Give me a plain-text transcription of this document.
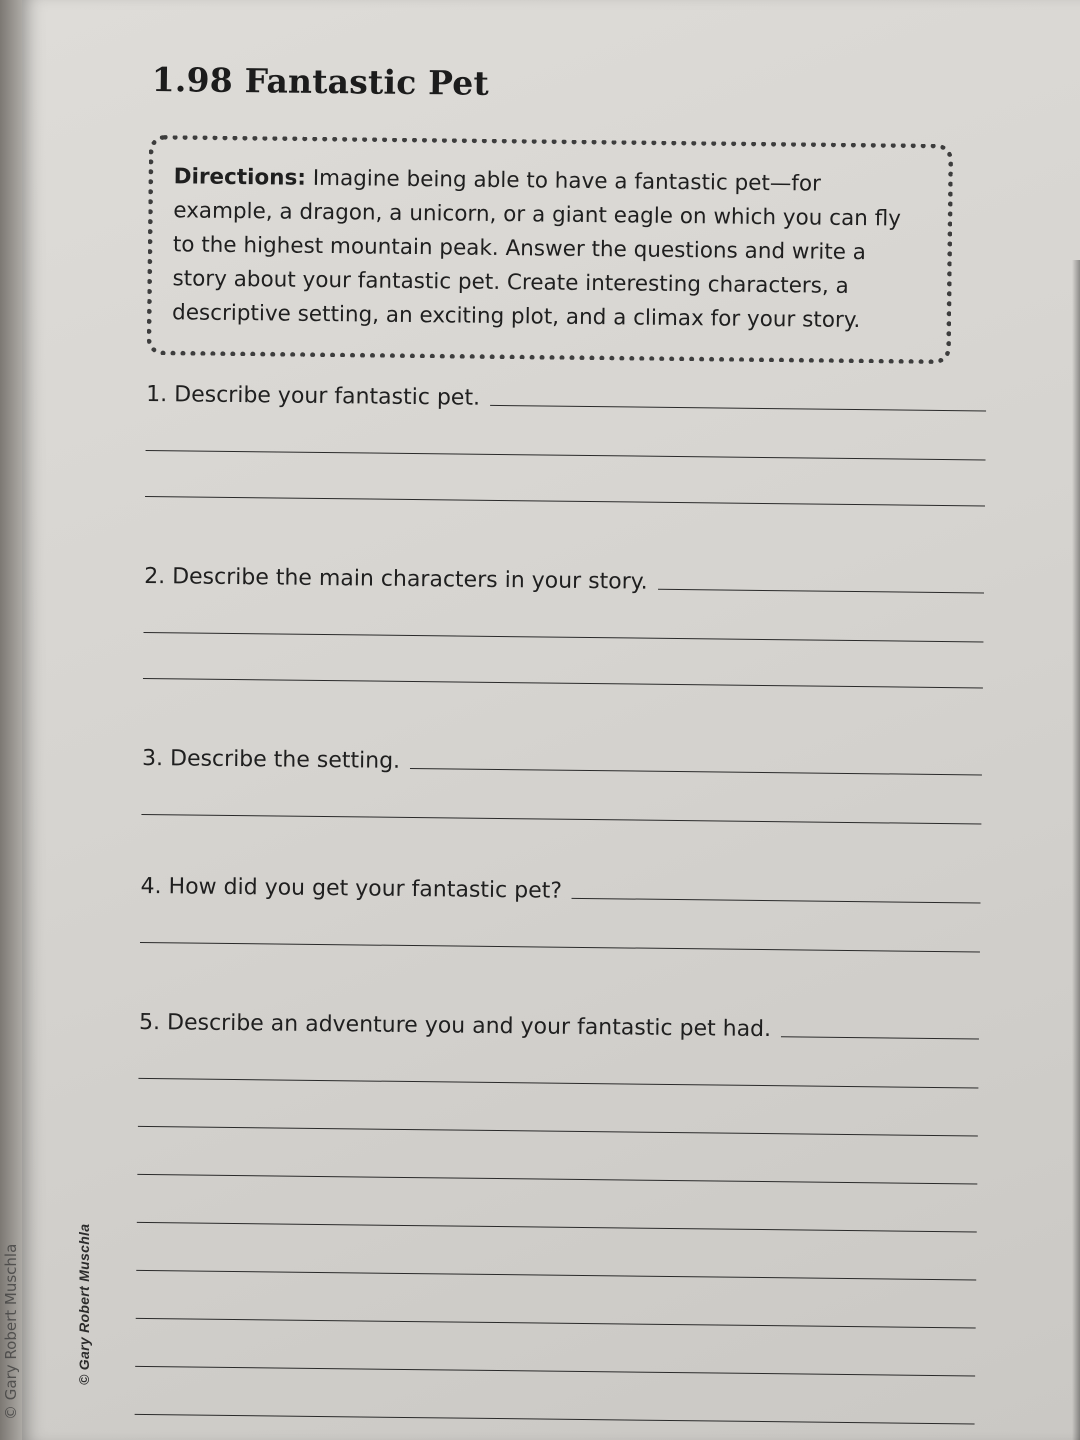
© Gary Robert Muschla	© Gary Robert Muschla
1.98 Fantastic Pet
Directions: Imagine being able to have a fantastic pet—for example, a dragon, a unicorn, or a giant eagle on which you can fly to the highest mountain peak. Answer the questions and write a story about your fantastic pet. Create interesting characters, a descriptive setting, an exciting plot, and a climax for your story.
1. Describe your fantastic pet.
2. Describe the main characters in your story.
3. Describe the setting.
4. How did you get your fantastic pet?
5. Describe an adventure you and your fantastic pet had.
